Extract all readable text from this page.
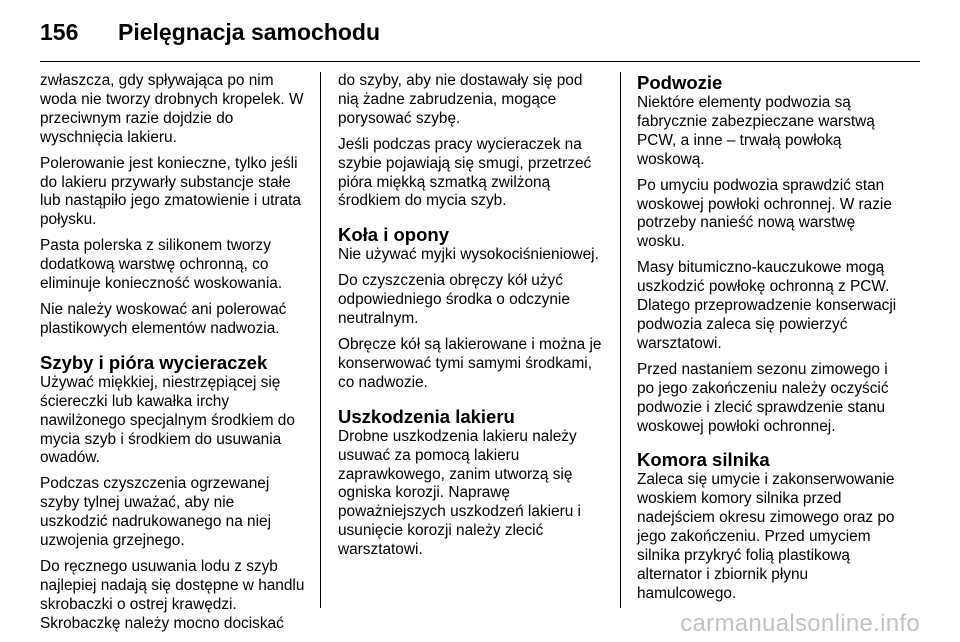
156	Pielęgnacja samochodu

zwłaszcza, gdy spływająca po nim woda nie tworzy drobnych kropelek. W przeciwnym razie dojdzie do wyschnięcia lakieru.

Polerowanie jest konieczne, tylko jeśli do lakieru przywarły substancje stałe lub nastąpiło jego zmatowienie i utrata połysku.

Pasta polerska z silikonem tworzy dodatkową warstwę ochronną, co eliminuje konieczność woskowania.

Nie należy woskować ani polerować plastikowych elementów nadwozia.

Szyby i pióra wycieraczek

Używać miękkiej, niestrzępiącej się ściereczki lub kawałka irchy nawilżonego specjalnym środkiem do mycia szyb i środkiem do usuwania owadów.

Podczas czyszczenia ogrzewanej szyby tylnej uważać, aby nie uszkodzić nadrukowanego na niej uzwojenia grzejnego.

Do ręcznego usuwania lodu z szyb najlepiej nadają się dostępne w handlu skrobaczki o ostrej krawędzi. Skrobaczkę należy mocno dociskać

do szyby, aby nie dostawały się pod nią żadne zabrudzenia, mogące porysować szybę.

Jeśli podczas pracy wycieraczek na szybie pojawiają się smugi, przetrzeć pióra miękką szmatką zwilżoną środkiem do mycia szyb.

Koła i opony

Nie używać myjki wysokociśnieniowej.

Do czyszczenia obręczy kół użyć odpowiedniego środka o odczynie neutralnym.

Obręcze kół są lakierowane i można je konserwować tymi samymi środkami, co nadwozie.

Uszkodzenia lakieru

Drobne uszkodzenia lakieru należy usuwać za pomocą lakieru zaprawkowego, zanim utworzą się ogniska korozji. Naprawę poważniejszych uszkodzeń lakieru i usunięcie korozji należy zlecić warsztatowi.

Podwozie

Niektóre elementy podwozia są fabrycznie zabezpieczane warstwą PCW, a inne – trwałą powłoką woskową.

Po umyciu podwozia sprawdzić stan woskowej powłoki ochronnej. W razie potrzeby nanieść nową warstwę wosku.

Masy bitumiczno-kauczukowe mogą uszkodzić powłokę ochronną z PCW. Dlatego przeprowadzenie konserwacji podwozia zaleca się powierzyć warsztatowi.

Przed nastaniem sezonu zimowego i po jego zakończeniu należy oczyścić podwozie i zlecić sprawdzenie stanu woskowej powłoki ochronnej.

Komora silnika

Zaleca się umycie i zakonserwowanie woskiem komory silnika przed nadejściem okresu zimowego oraz po jego zakończeniu. Przed umyciem silnika przykryć folią plastikową alternator i zbiornik płynu hamulcowego.

carmanualsonline.info
